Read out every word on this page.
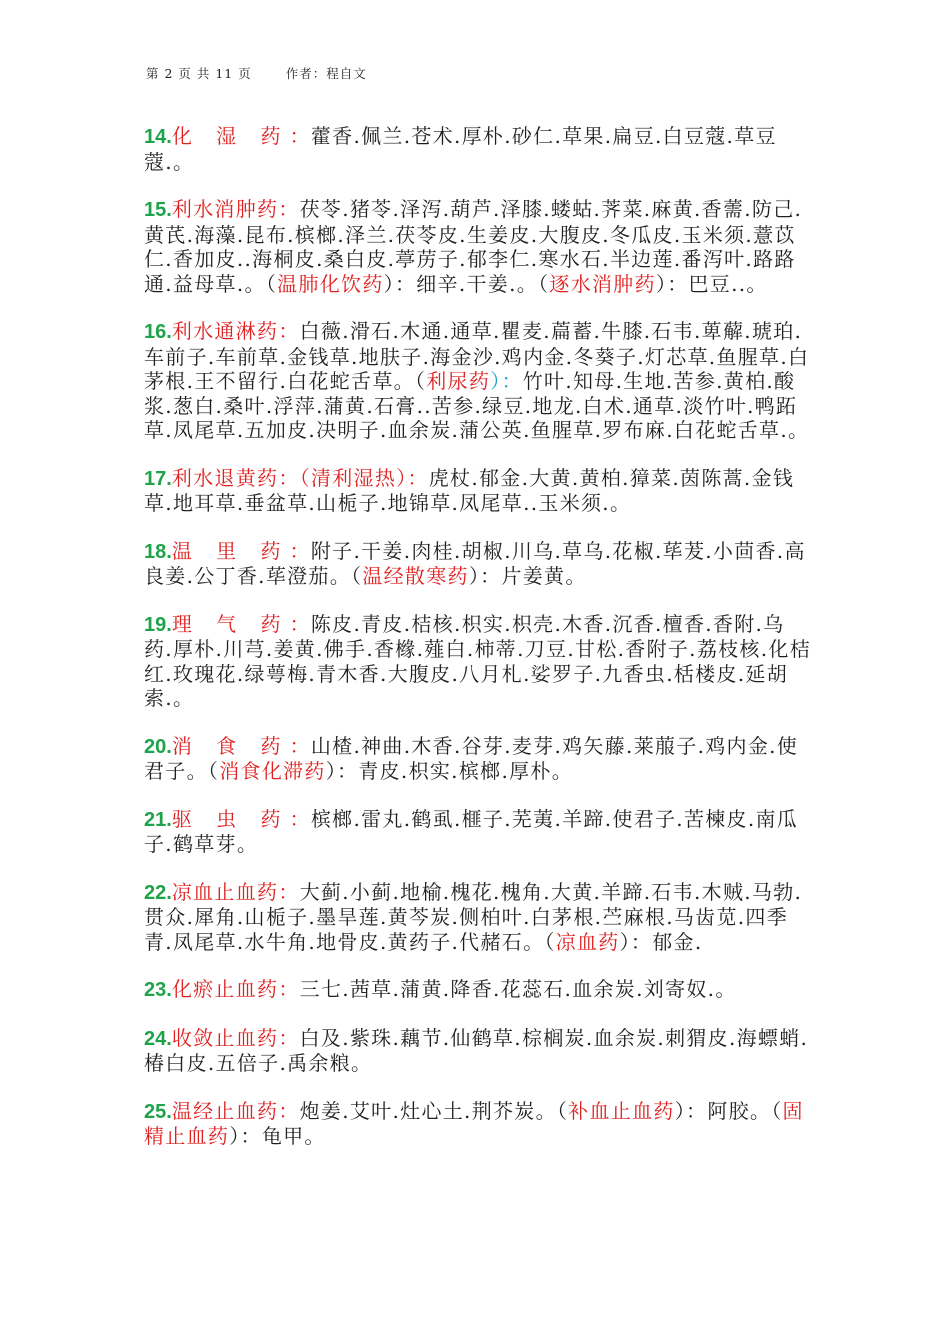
第 2 页 共 11 页	作者：程自文

14.化 湿 药：藿香.佩兰.苍术.厚朴.砂仁.草果.扁豆.白豆蔻.草豆蔻.。

15.利水消肿药：茯苓.猪苓.泽泻.葫芦.泽膝.蝼蛄.荠菜.麻黄.香薷.防己.黄芪.海藻.昆布.槟榔.泽兰.茯苓皮.生姜皮.大腹皮.冬瓜皮.玉米须.薏苡仁.香加皮..海桐皮.桑白皮.葶苈子.郁李仁.寒水石.半边莲.番泻叶.路路通.益母草.。（温肺化饮药）：细辛.干姜.。（逐水消肿药）：巴豆..。

16.利水通淋药：白薇.滑石.木通.通草.瞿麦.萹蓄.牛膝.石韦.萆薢.琥珀.车前子.车前草.金钱草.地肤子.海金沙.鸡内金.冬葵子.灯芯草.鱼腥草.白茅根.王不留行.白花蛇舌草。（利尿药）：竹叶.知母.生地.苦参.黄柏.酸浆.葱白.桑叶.浮萍.蒲黄.石膏..苦参.绿豆.地龙.白术.通草.淡竹叶.鸭跖草.凤尾草.五加皮.决明子.血余炭.蒲公英.鱼腥草.罗布麻.白花蛇舌草.。

17.利水退黄药：（清利湿热）：虎杖.郁金.大黄.黄柏.獐菜.茵陈蒿.金钱草.地耳草.垂盆草.山栀子.地锦草.凤尾草..玉米须.。

18.温 里 药：附子.干姜.肉桂.胡椒.川乌.草乌.花椒.荜茇.小茴香.高良姜.公丁香.荜澄茄。（温经散寒药）：片姜黄。

19.理 气 药：陈皮.青皮.桔核.枳实.枳壳.木香.沉香.檀香.香附.乌药.厚朴.川芎.姜黄.佛手.香橼.薤白.柿蒂.刀豆.甘松.香附子.荔枝核.化桔红.玫瑰花.绿萼梅.青木香.大腹皮.八月札.娑罗子.九香虫.栝楼皮.延胡索.。

20.消 食 药：山楂.神曲.木香.谷芽.麦芽.鸡矢藤.莱菔子.鸡内金.使君子。（消食化滞药）：青皮.枳实.槟榔.厚朴。

21.驱 虫 药：槟榔.雷丸.鹤虱.榧子.芜荑.羊蹄.使君子.苦楝皮.南瓜子.鹤草芽。

22.凉血止血药：大蓟.小蓟.地榆.槐花.槐角.大黄.羊蹄.石韦.木贼.马勃.贯众.犀角.山栀子.墨旱莲.黄芩炭.侧柏叶.白茅根.苎麻根.马齿苋.四季青.凤尾草.水牛角.地骨皮.黄药子.代赭石。（凉血药）：郁金.

23.化瘀止血药：三七.茜草.蒲黄.降香.花蕊石.血余炭.刘寄奴.。

24.收敛止血药：白及.紫珠.藕节.仙鹤草.棕榈炭.血余炭.刺猬皮.海螵蛸.椿白皮.五倍子.禹余粮。

25.温经止血药：炮姜.艾叶.灶心土.荆芥炭。（补血止血药）：阿胶。（固精止血药）：龟甲。
